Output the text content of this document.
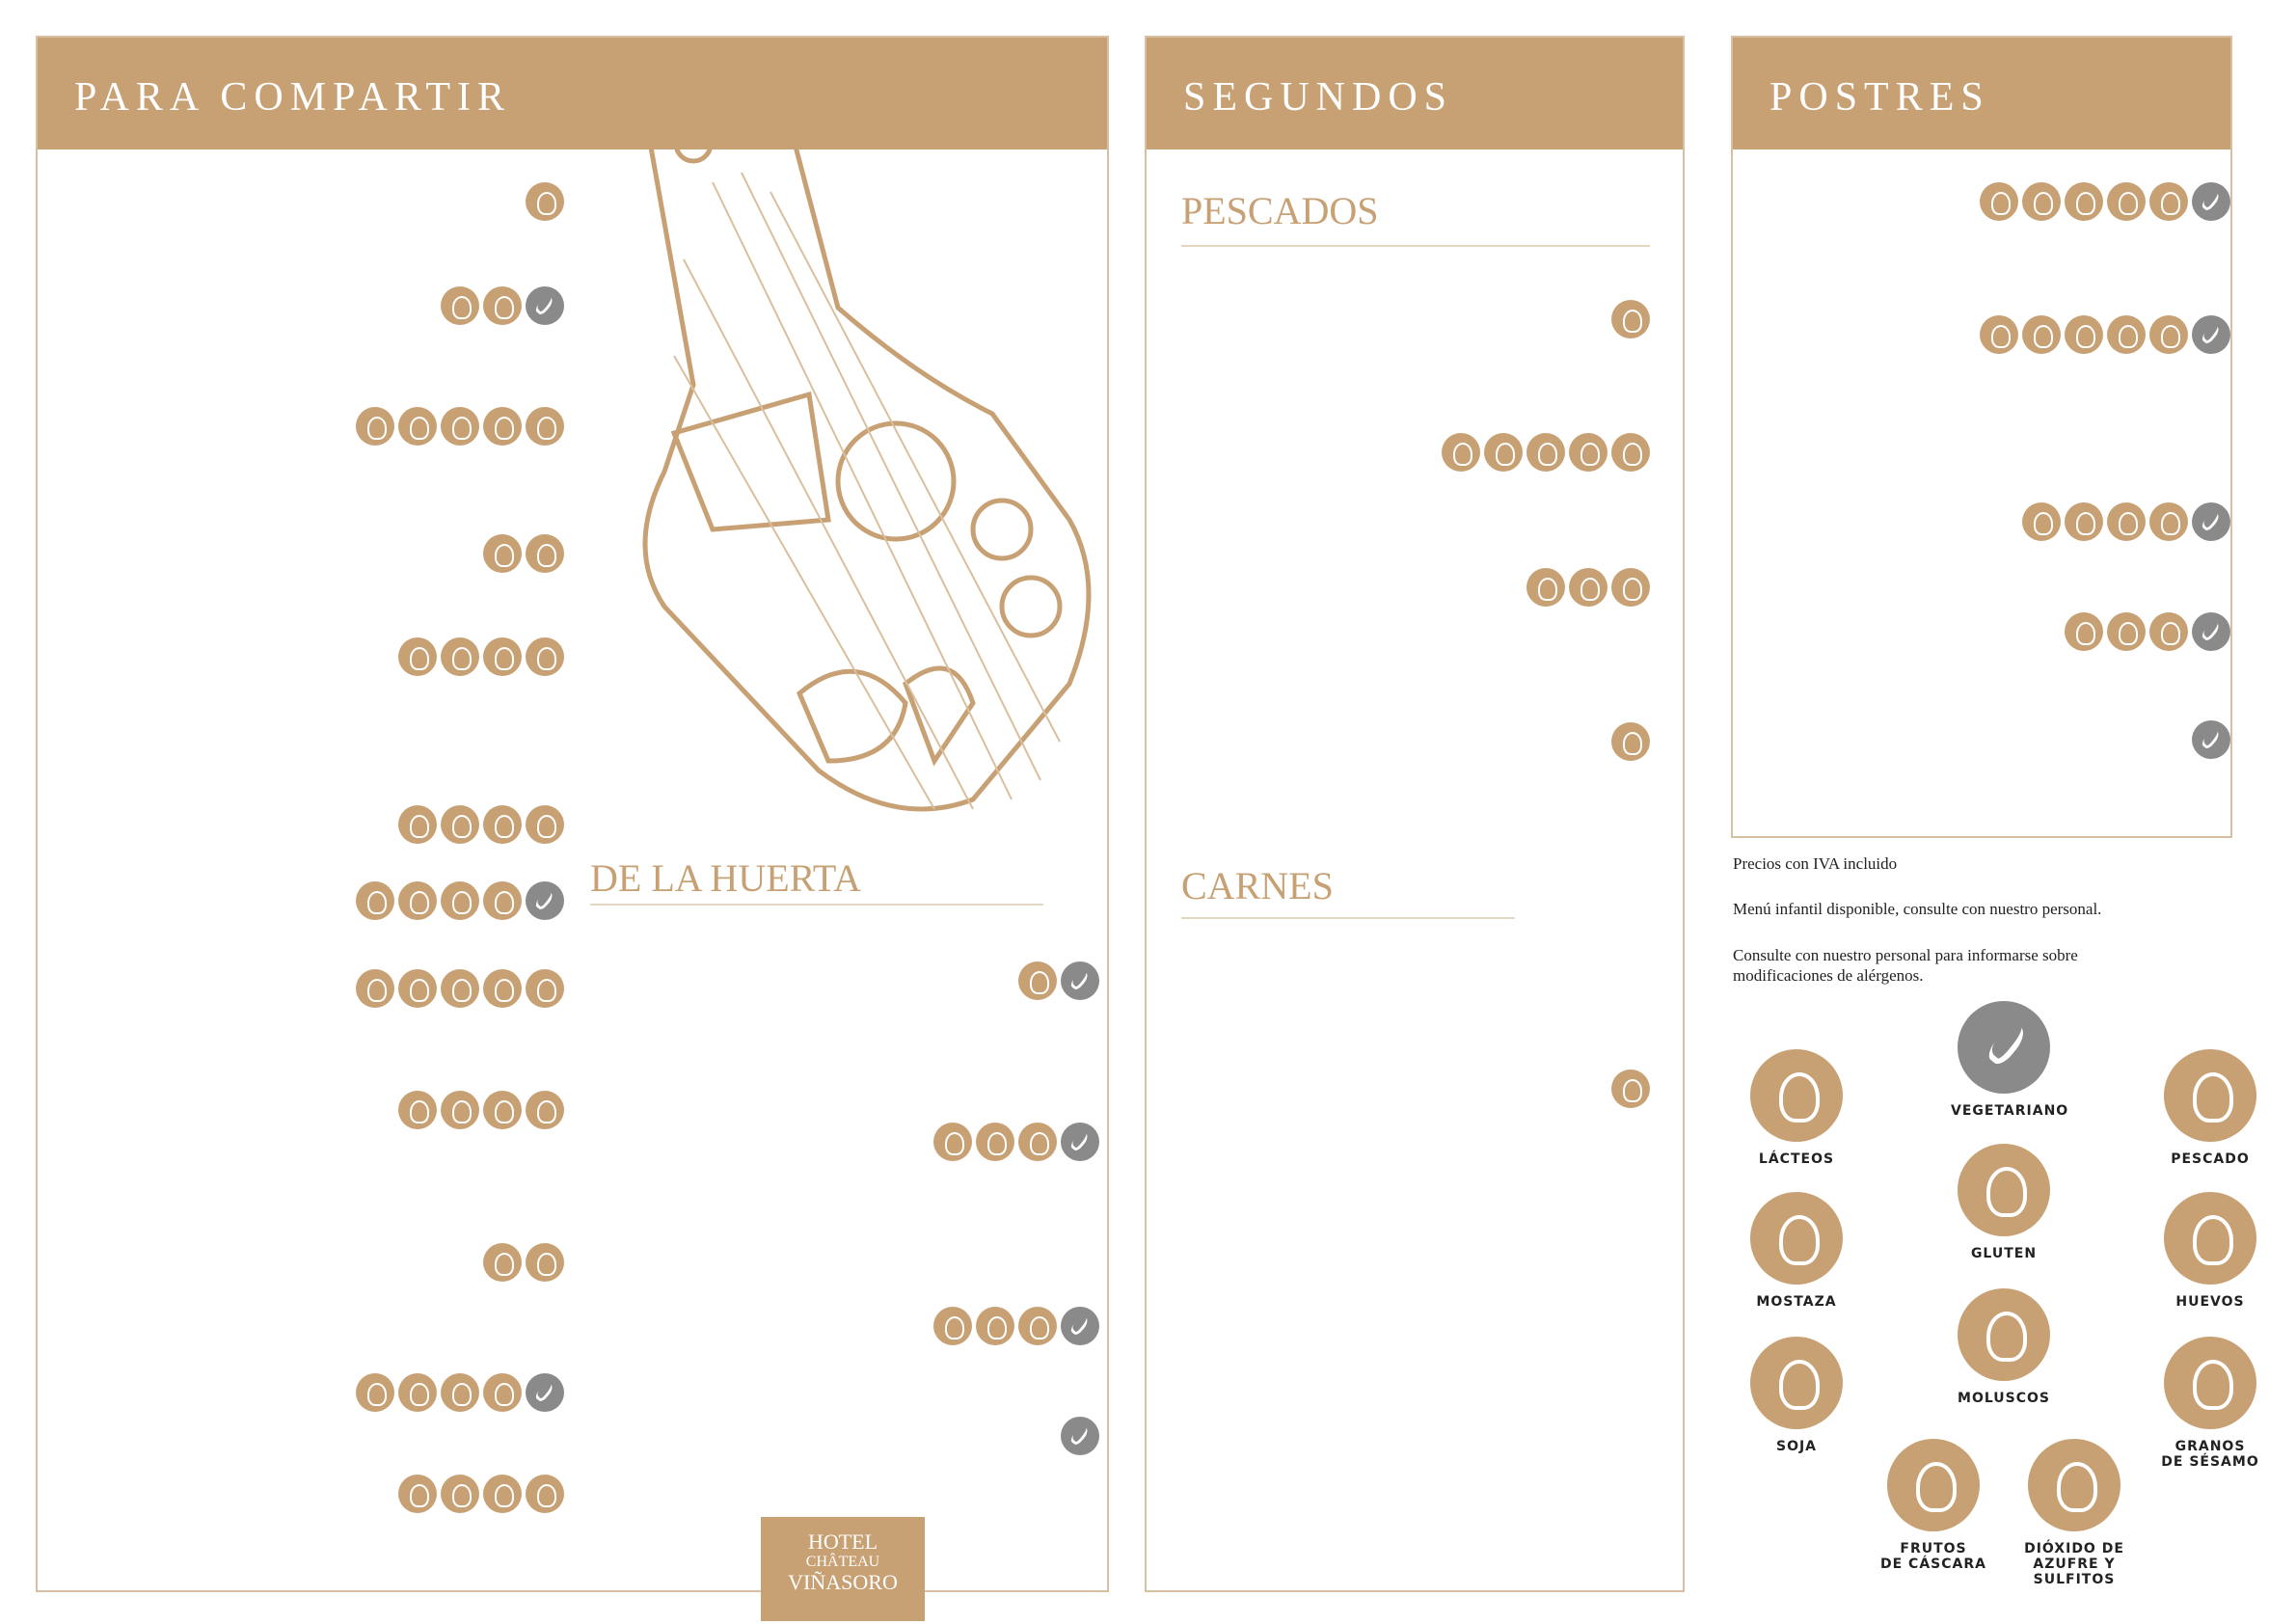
PARA COMPARTIR
DE LA HUERTA
SEGUNDOS
PESCADOS
CARNES
POSTRES
Precios con IVA incluido
Menú infantil disponible, consulte con nuestro personal.
Consulte con nuestro personal para informarse sobre
modificaciones de alérgenos.
LÁCTEOS
VEGETARIANO
PESCADO
GLUTEN
MOSTAZA	HUEVOS
MOLUSCOS
SOJA	GRANOS
DE SÉSAMO
FRUTOS
DE CÁSCARA
DIÓXIDO DE
AZUFRE Y
SULFITOS
HOTEL
CHÂTEAU
VIÑASORO
